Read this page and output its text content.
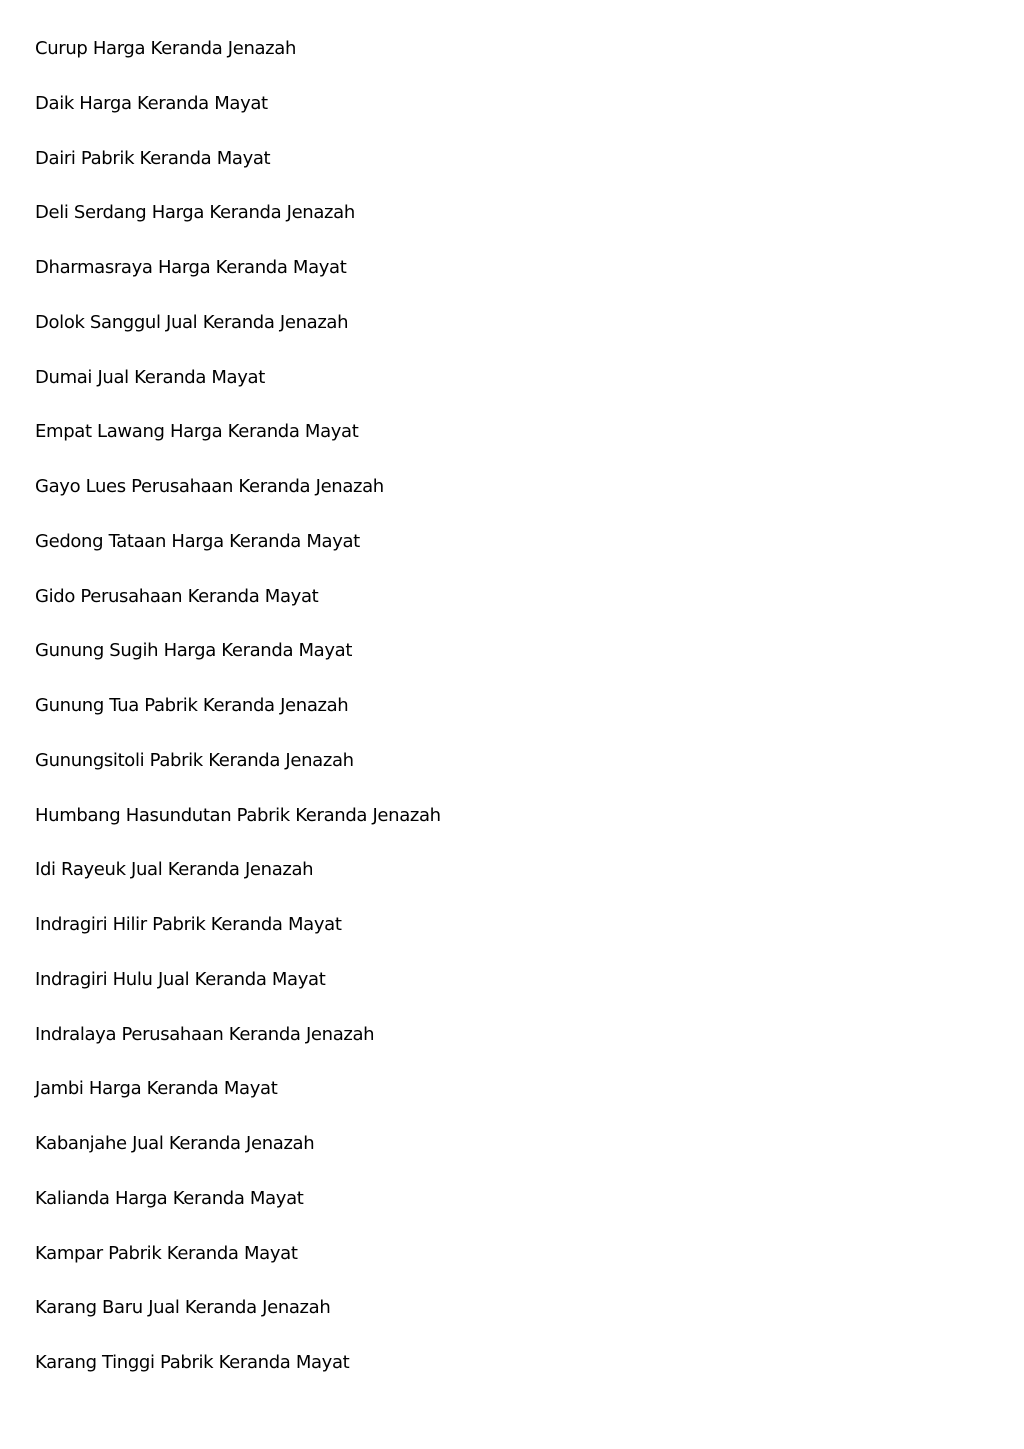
Curup Harga Keranda Jenazah
Daik Harga Keranda Mayat
Dairi Pabrik Keranda Mayat
Deli Serdang Harga Keranda Jenazah
Dharmasraya Harga Keranda Mayat
Dolok Sanggul Jual Keranda Jenazah
Dumai Jual Keranda Mayat
Empat Lawang Harga Keranda Mayat
Gayo Lues Perusahaan Keranda Jenazah
Gedong Tataan Harga Keranda Mayat
Gido Perusahaan Keranda Mayat
Gunung Sugih Harga Keranda Mayat
Gunung Tua Pabrik Keranda Jenazah
Gunungsitoli Pabrik Keranda Jenazah
Humbang Hasundutan Pabrik Keranda Jenazah
Idi Rayeuk Jual Keranda Jenazah
Indragiri Hilir Pabrik Keranda Mayat
Indragiri Hulu Jual Keranda Mayat
Indralaya Perusahaan Keranda Jenazah
Jambi Harga Keranda Mayat
Kabanjahe Jual Keranda Jenazah
Kalianda Harga Keranda Mayat
Kampar Pabrik Keranda Mayat
Karang Baru Jual Keranda Jenazah
Karang Tinggi Pabrik Keranda Mayat
